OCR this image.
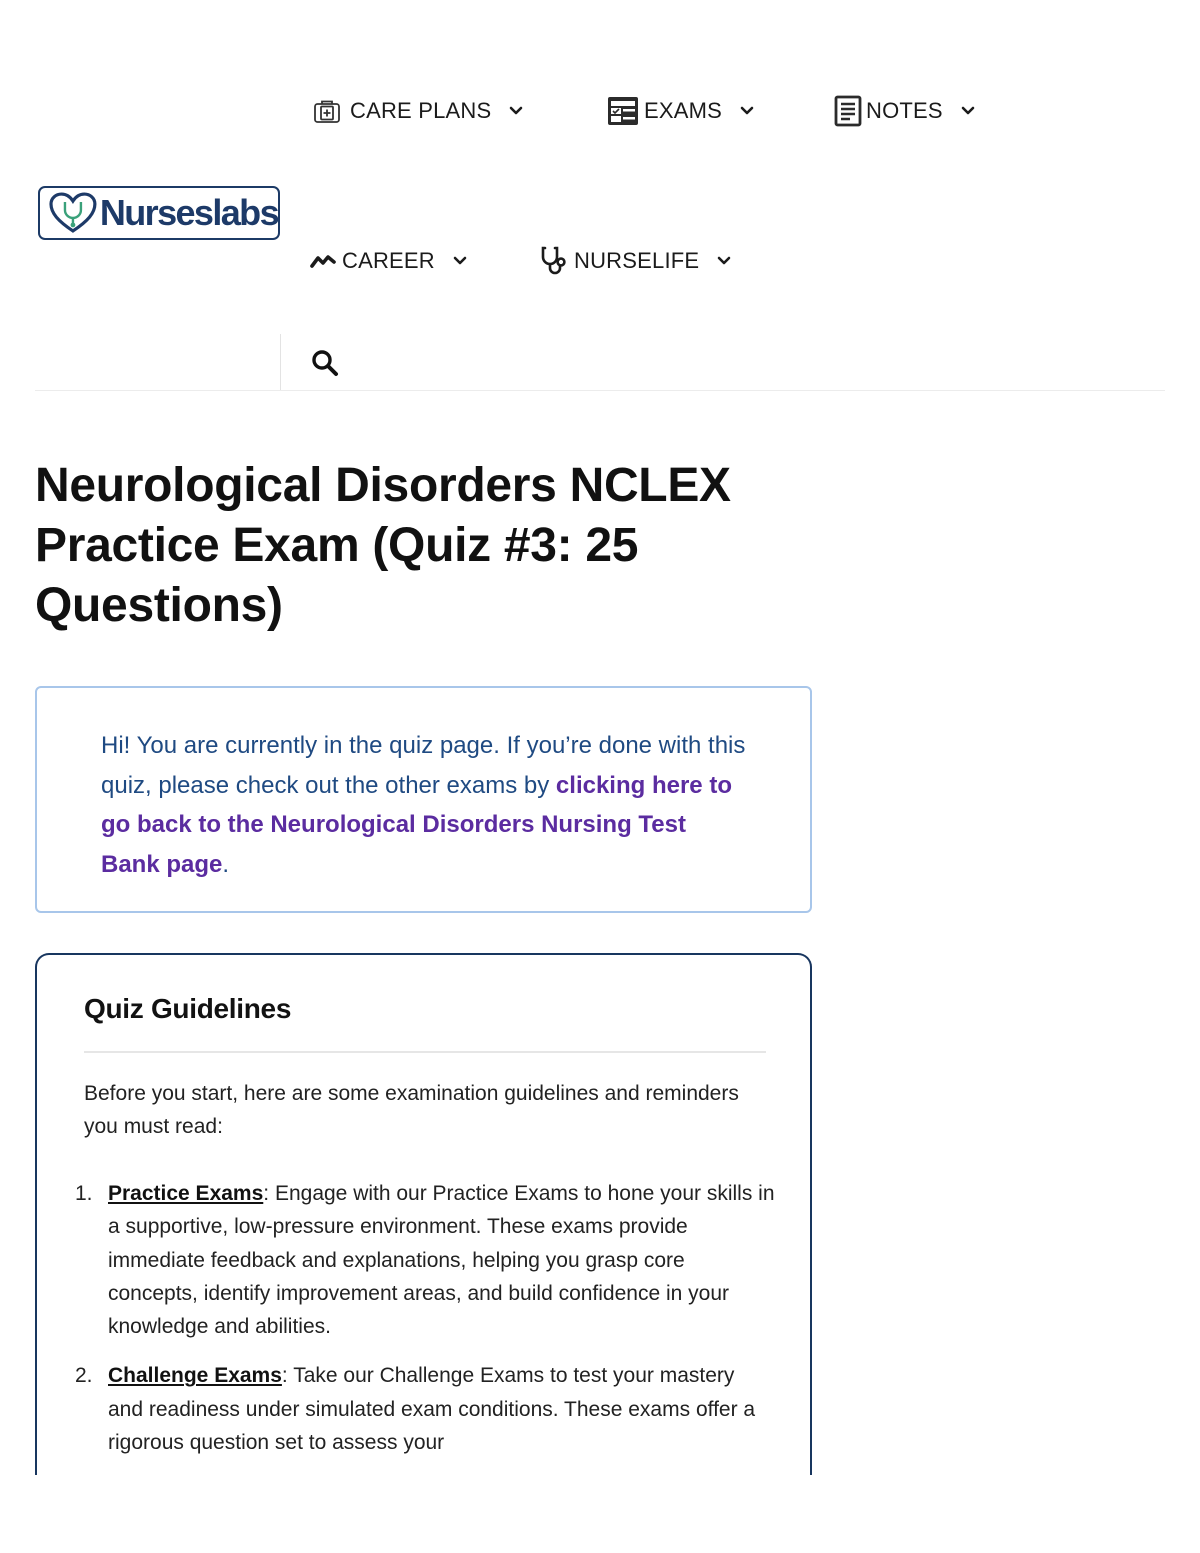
CARE PLANS	EXAMS	NOTES
Nurseslabs
CAREER	NURSELIFE
Neurological Disorders NCLEX Practice Exam (Quiz #3: 25 Questions)

Hi! You are currently in the quiz page. If you’re done with this quiz, please check out the other exams by clicking here to go back to the Neurological Disorders Nursing Test Bank page.

Quiz Guidelines

Before you start, here are some examination guidelines and reminders you must read:

1. Practice Exams: Engage with our Practice Exams to hone your skills in a supportive, low-pressure environment. These exams provide immediate feedback and explanations, helping you grasp core concepts, identify improvement areas, and build confidence in your knowledge and abilities.
2. Challenge Exams: Take our Challenge Exams to test your mastery and readiness under simulated exam conditions. These exams offer a rigorous question set to assess your
